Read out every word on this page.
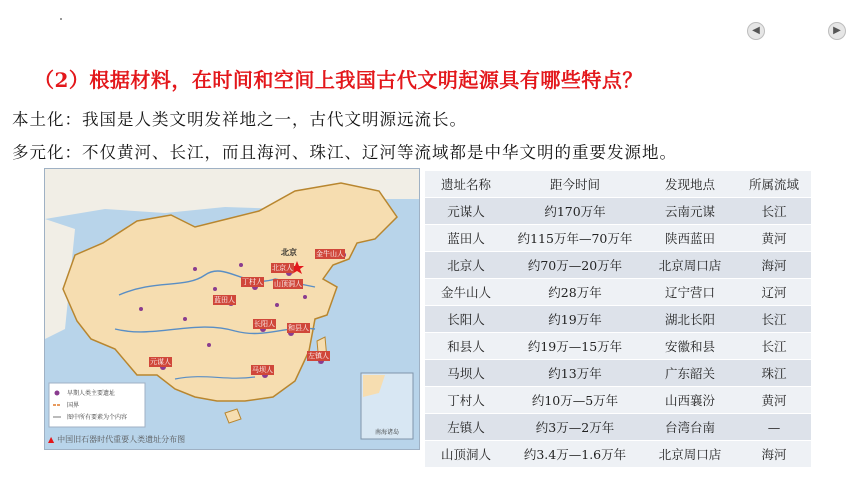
◀	▶
（2）根据材料，在时间和空间上我国古代文明起源具有哪些特点？
本土化：我国是人类文明发祥地之一，古代文明源远流长。
多元化：不仅黄河、长江，而且海河、珠江、辽河等流域都是中华文明的重要发源地。
北京	金牛山人
北京人
丁村人 山顶洞人
蓝田人
长阳人 和县人
元谋人
马坝人
左镇人
早期人类主要遗址
国界
图中所有要素为个内容
南海诸岛
▲ 中国旧石器时代重要人类遗址分布图
遗址名称	距今时间	发现地点	所属流域
元谋人	约170万年	云南元谋	长江
蓝田人	约115万年—70万年	陕西蓝田	黄河
北京人	约70万—20万年	北京周口店	海河
金牛山人	约28万年	辽宁营口	辽河
长阳人	约19万年	湖北长阳	长江
和县人	约19万—15万年	安徽和县	长江
马坝人	约13万年	广东韶关	珠江
丁村人	约10万—5万年	山西襄汾	黄河
左镇人	约3万—2万年	台湾台南	—
山顶洞人	约3.4万—1.6万年	北京周口店	海河
